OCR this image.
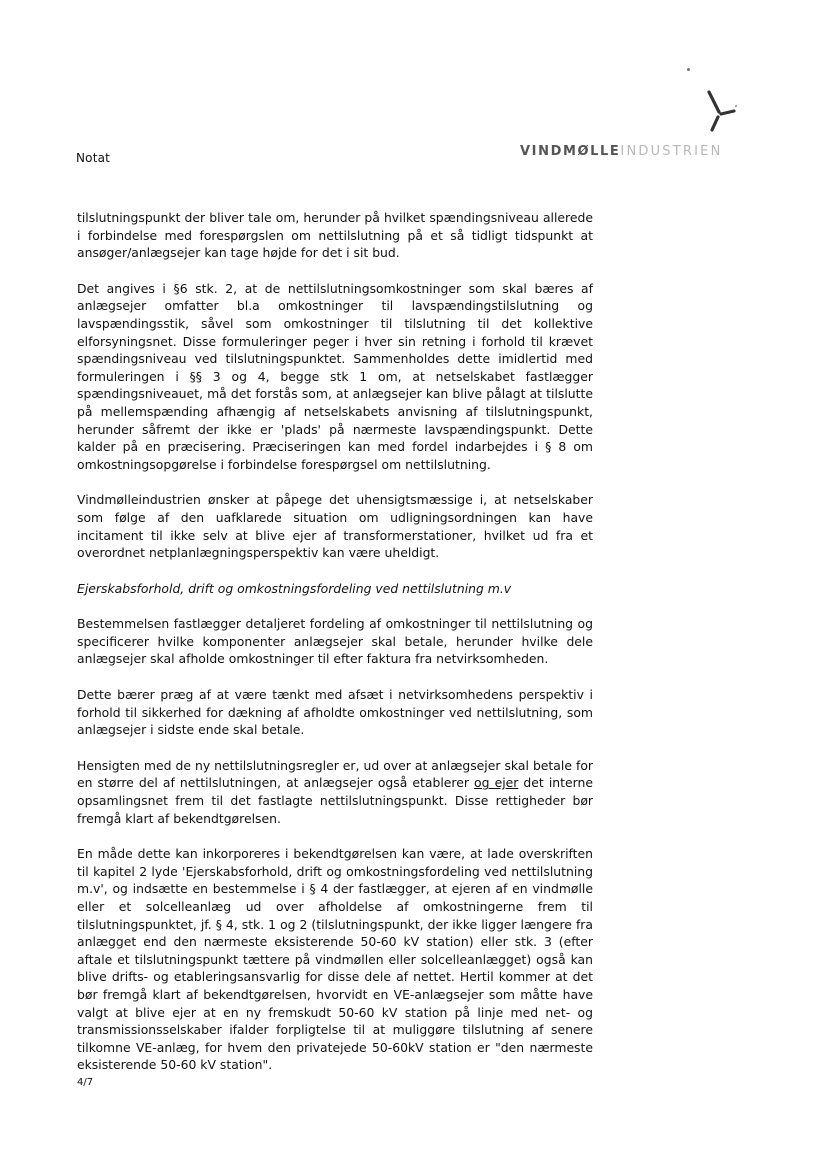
Notat	VINDMØLLEINDUSTRIEN

tilslutningspunkt der bliver tale om, herunder på hvilket spændingsniveau allerede i forbindelse med forespørgslen om nettilslutning på et så tidligt tidspunkt at ansøger/anlægsejer kan tage højde for det i sit bud.

Det angives i §6 stk. 2, at de nettilslutningsomkostninger som skal bæres af anlægsejer omfatter bl.a omkostninger til lavspændingstilslutning og lavspændingsstik, såvel som omkostninger til tilslutning til det kollektive elforsyningsnet. Disse formuleringer peger i hver sin retning i forhold til krævet spændingsniveau ved tilslutningspunktet. Sammenholdes dette imidlertid med formuleringen i §§ 3 og 4, begge stk 1 om, at netselskabet fastlægger spændingsniveauet, må det forstås som, at anlægsejer kan blive pålagt at tilslutte på mellemspænding afhængig af netselskabets anvisning af tilslutningspunkt, herunder såfremt der ikke er 'plads' på nærmeste lavspændingspunkt. Dette kalder på en præcisering. Præciseringen kan med fordel indarbejdes i § 8 om omkostningsopgørelse i forbindelse forespørgsel om nettilslutning.

Vindmølleindustrien ønsker at påpege det uhensigtsmæssige i, at netselskaber som følge af den uafklarede situation om udligningsordningen kan have incitament til ikke selv at blive ejer af transformerstationer, hvilket ud fra et overordnet netplanlægningsperspektiv kan være uheldigt.

Ejerskabsforhold, drift og omkostningsfordeling ved nettilslutning m.v

Bestemmelsen fastlægger detaljeret fordeling af omkostninger til nettilslutning og specificerer hvilke komponenter anlægsejer skal betale, herunder hvilke dele anlægsejer skal afholde omkostninger til efter faktura fra netvirksomheden.

Dette bærer præg af at være tænkt med afsæt i netvirksomhedens perspektiv i forhold til sikkerhed for dækning af afholdte omkostninger ved nettilslutning, som anlægsejer i sidste ende skal betale.

Hensigten med de ny nettilslutningsregler er, ud over at anlægsejer skal betale for en større del af nettilslutningen, at anlægsejer også etablerer og ejer det interne opsamlingsnet frem til det fastlagte nettilslutningspunkt. Disse rettigheder bør fremgå klart af bekendtgørelsen.

En måde dette kan inkorporeres i bekendtgørelsen kan være, at lade overskriften til kapitel 2 lyde 'Ejerskabsforhold, drift og omkostningsfordeling ved nettilslutning m.v', og indsætte en bestemmelse i § 4 der fastlægger, at ejeren af en vindmølle eller et solcelleanlæg ud over afholdelse af omkostningerne frem til tilslutningspunktet, jf. § 4, stk. 1 og 2 (tilslutningspunkt, der ikke ligger længere fra anlægget end den nærmeste eksisterende 50-60 kV station) eller stk. 3 (efter aftale et tilslutningspunkt tættere på vindmøllen eller solcelleanlægget) også kan blive drifts- og etableringsansvarlig for disse dele af nettet. Hertil kommer at det bør fremgå klart af bekendtgørelsen, hvorvidt en VE-anlægsejer som måtte have valgt at blive ejer at en ny fremskudt 50-60 kV station på linje med net- og transmissionsselskaber ifalder forpligtelse til at muliggøre tilslutning af senere tilkomne VE-anlæg, for hvem den privatejede 50-60kV station er "den nærmeste eksisterende 50-60 kV station".

4/7
